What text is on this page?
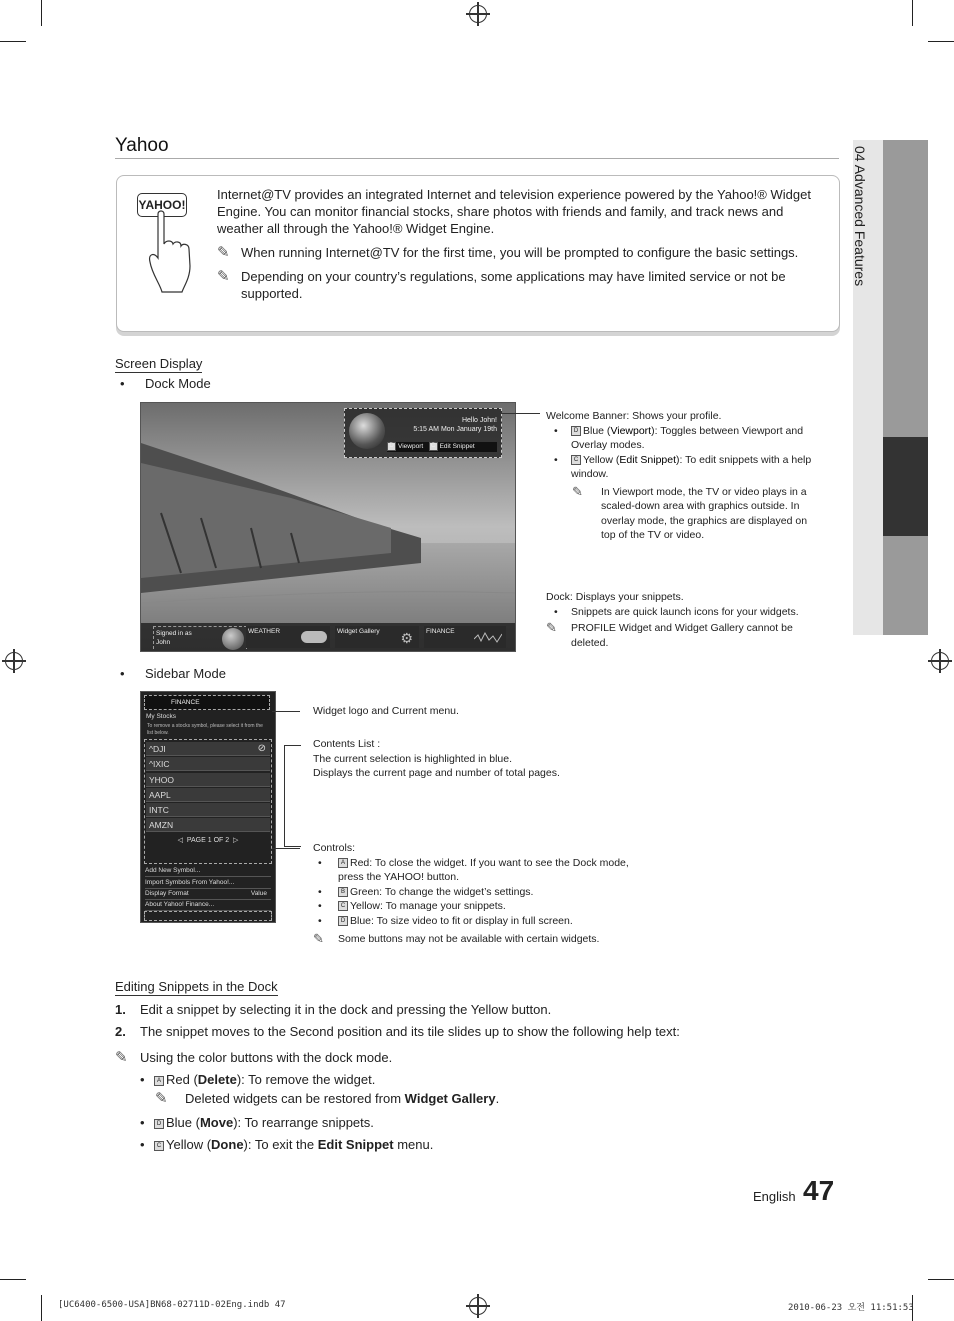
04 Advanced Features
Yahoo
YAHOO!
Internet@TV provides an integrated Internet and television experience powered by the Yahoo!® Widget Engine. You can monitor financial stocks, share photos with friends and family, and track news and weather all through the Yahoo!® Widget Engine.
✎ When running Internet@TV for the first time, you will be prompted to configure the basic settings.
✎ Depending on your country’s regulations, some applications may have limited service or not be supported.
Screen Display
• Dock Mode
Hello John!
5:15 AM Mon January 19th
D Viewport C Edit Snippet
Signed in as
John
WEATHER	Widget Gallery ⚙	FINANCE
Welcome Banner: Shows your profile.
•	D Blue (Viewport): Toggles between Viewport and Overlay modes.
•	C Yellow (Edit Snippet): To edit snippets with a help window.
✎ In Viewport mode, the TV or video plays in a scaled-down area with graphics outside. In overlay mode, the graphics are displayed on top of the TV or video.
Dock: Displays your snippets.
• Snippets are quick launch icons for your widgets.
✎ PROFILE Widget and Widget Gallery cannot be deleted.
• Sidebar Mode
FINANCE
My Stocks
To remove a stocks symbol, please select it from the list below.
^DJI	⊘
^IXIC
YHOO
AAPL
INTC
AMZN
◁ PAGE 1 OF 2 ▷
Add New Symbol...
Import Symbols From Yahoo!...
Display Format	Value
About Yahoo! Finance...
Widget logo and Current menu.
Contents List :
The current selection is highlighted in blue.
Displays the current page and number of total pages.
Controls:
•	A Red: To close the widget. If you want to see the Dock mode, press the YAHOO! button.
•	B Green: To change the widget’s settings.
•	C Yellow: To manage your snippets.
•	D Blue: To size video to fit or display in full screen.
✎ Some buttons may not be available with certain widgets.
Editing Snippets in the Dock
1. Edit a snippet by selecting it in the dock and pressing the Yellow button.
2. The snippet moves to the Second position and its tile slides up to show the following help text:
✎ Using the color buttons with the dock mode.
• A Red (Delete): To remove the widget.
✎ Deleted widgets can be restored from Widget Gallery.
• D Blue (Move): To rearrange snippets.
• C Yellow (Done): To exit the Edit Snippet menu.
English 47
[UC6400-6500-USA]BN68-02711D-02Eng.indb 47	2010-06-23 오전 11:51:53
